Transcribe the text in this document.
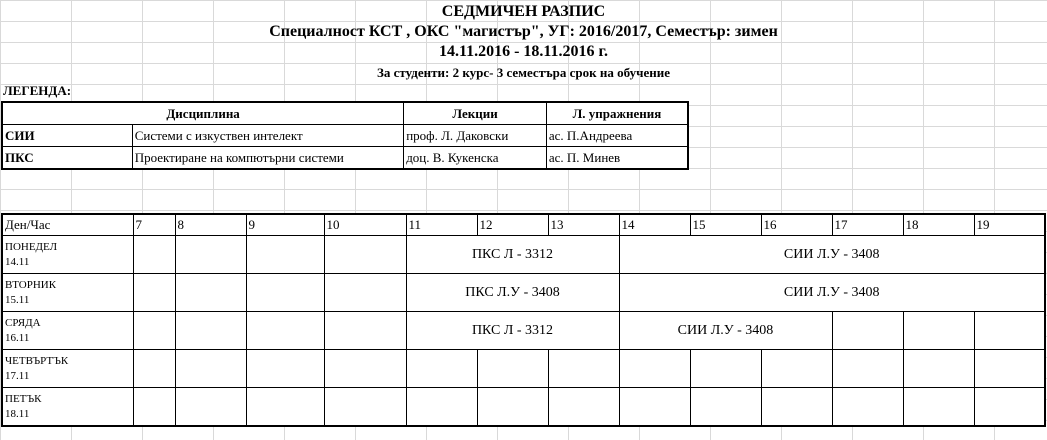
СЕДМИЧЕН РАЗПИС
Специалност КСТ , ОКС "магистър", УГ: 2016/2017, Семестър: зимен
14.11.2016 - 18.11.2016 г.
За студенти: 2 курс- 3 семестъра срок на обучение
ЛЕГЕНДА:
Дисциплина		Лекции	Л. упражнения
СИИ	Системи с изкуствен интелект	проф. Л. Даковски	ас. П.Андреева
ПКС	Проектиране на компютърни системи	доц. В. Кукенска	ас. П. Минев
Ден/Час	7	8	9	10	11	12	13	14	15	16	17	18	19

ПОНЕДЕЛ
14.11					ПКС Л - 3312			СИИ Л.У - 3408					

ВТОРНИК
15.11					ПКС Л.У - 3408			СИИ Л.У - 3408					

СРЯДА
16.11					ПКС Л - 3312			СИИ Л.У - 3408					

ЧЕТВЪРТЪК
17.11													

ПЕТЪК
18.11													
